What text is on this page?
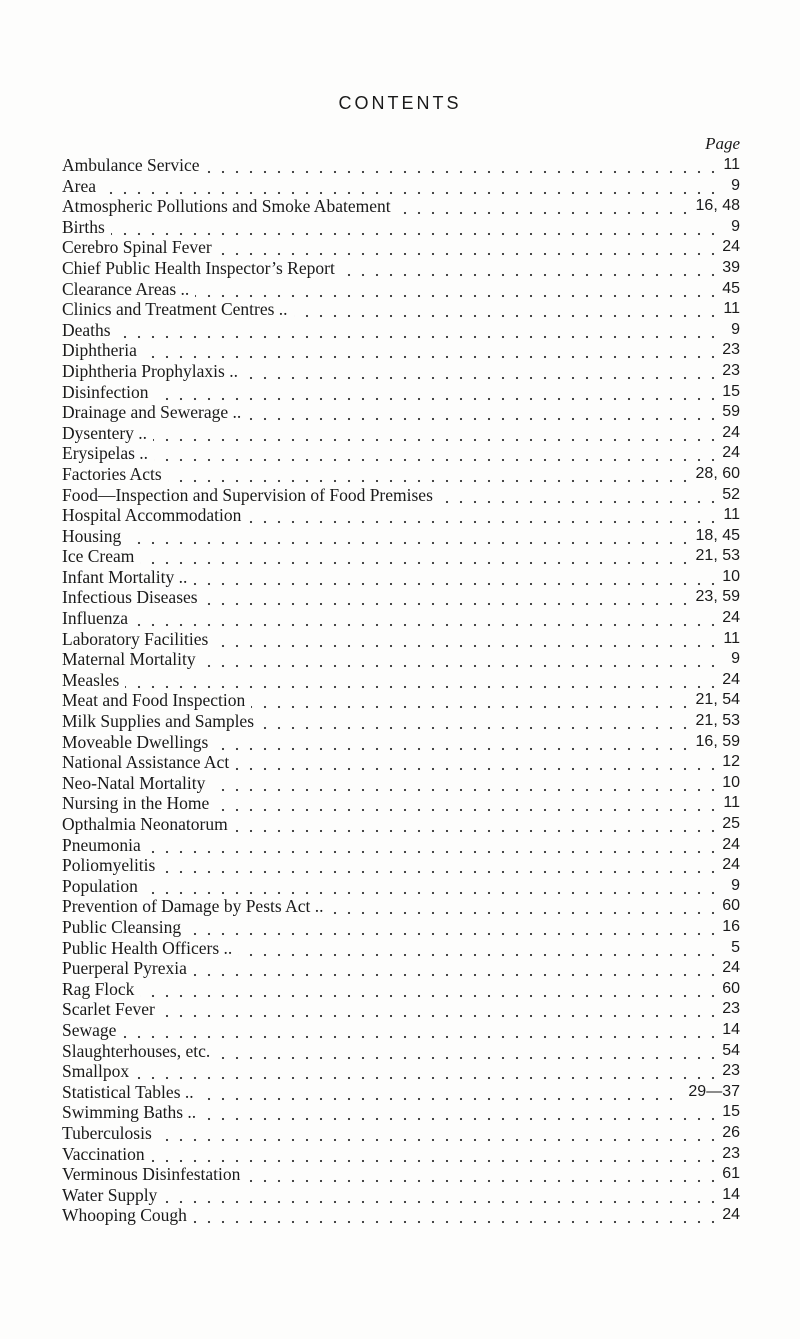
CONTENTS
Page
Ambulance Service	11
Area	9
Atmospheric Pollutions and Smoke Abatement	16, 48
Births	9
Cerebro Spinal Fever	24
Chief Public Health Inspector’s Report	39
Clearance Areas ..	45
Clinics and Treatment Centres ..	11
Deaths	9
Diphtheria	23
Diphtheria Prophylaxis ..	23
Disinfection	15
Drainage and Sewerage ..	59
Dysentery ..	24
Erysipelas ..	24
Factories Acts	28, 60
Food—Inspection and Supervision of Food Premises	52
Hospital Accommodation	11
Housing	18, 45
Ice Cream	21, 53
Infant Mortality ..	10
Infectious Diseases	23, 59
Influenza	24
Laboratory Facilities	11
Maternal Mortality	9
Measles	24
Meat and Food Inspection	21, 54
Milk Supplies and Samples	21, 53
Moveable Dwellings	16, 59
National Assistance Act	12
Neo-Natal Mortality	10
Nursing in the Home	11
Opthalmia Neonatorum	25
Pneumonia	24
Poliomyelitis	24
Population	9
Prevention of Damage by Pests Act ..	60
Public Cleansing	16
Public Health Officers ..	5
Puerperal Pyrexia	24
Rag Flock	60
Scarlet Fever	23
Sewage	14
Slaughterhouses, etc.	54
Smallpox	23
Statistical Tables ..	29—37
Swimming Baths ..	15
Tuberculosis	26
Vaccination	23
Verminous Disinfestation	61
Water Supply	14
Whooping Cough	24
